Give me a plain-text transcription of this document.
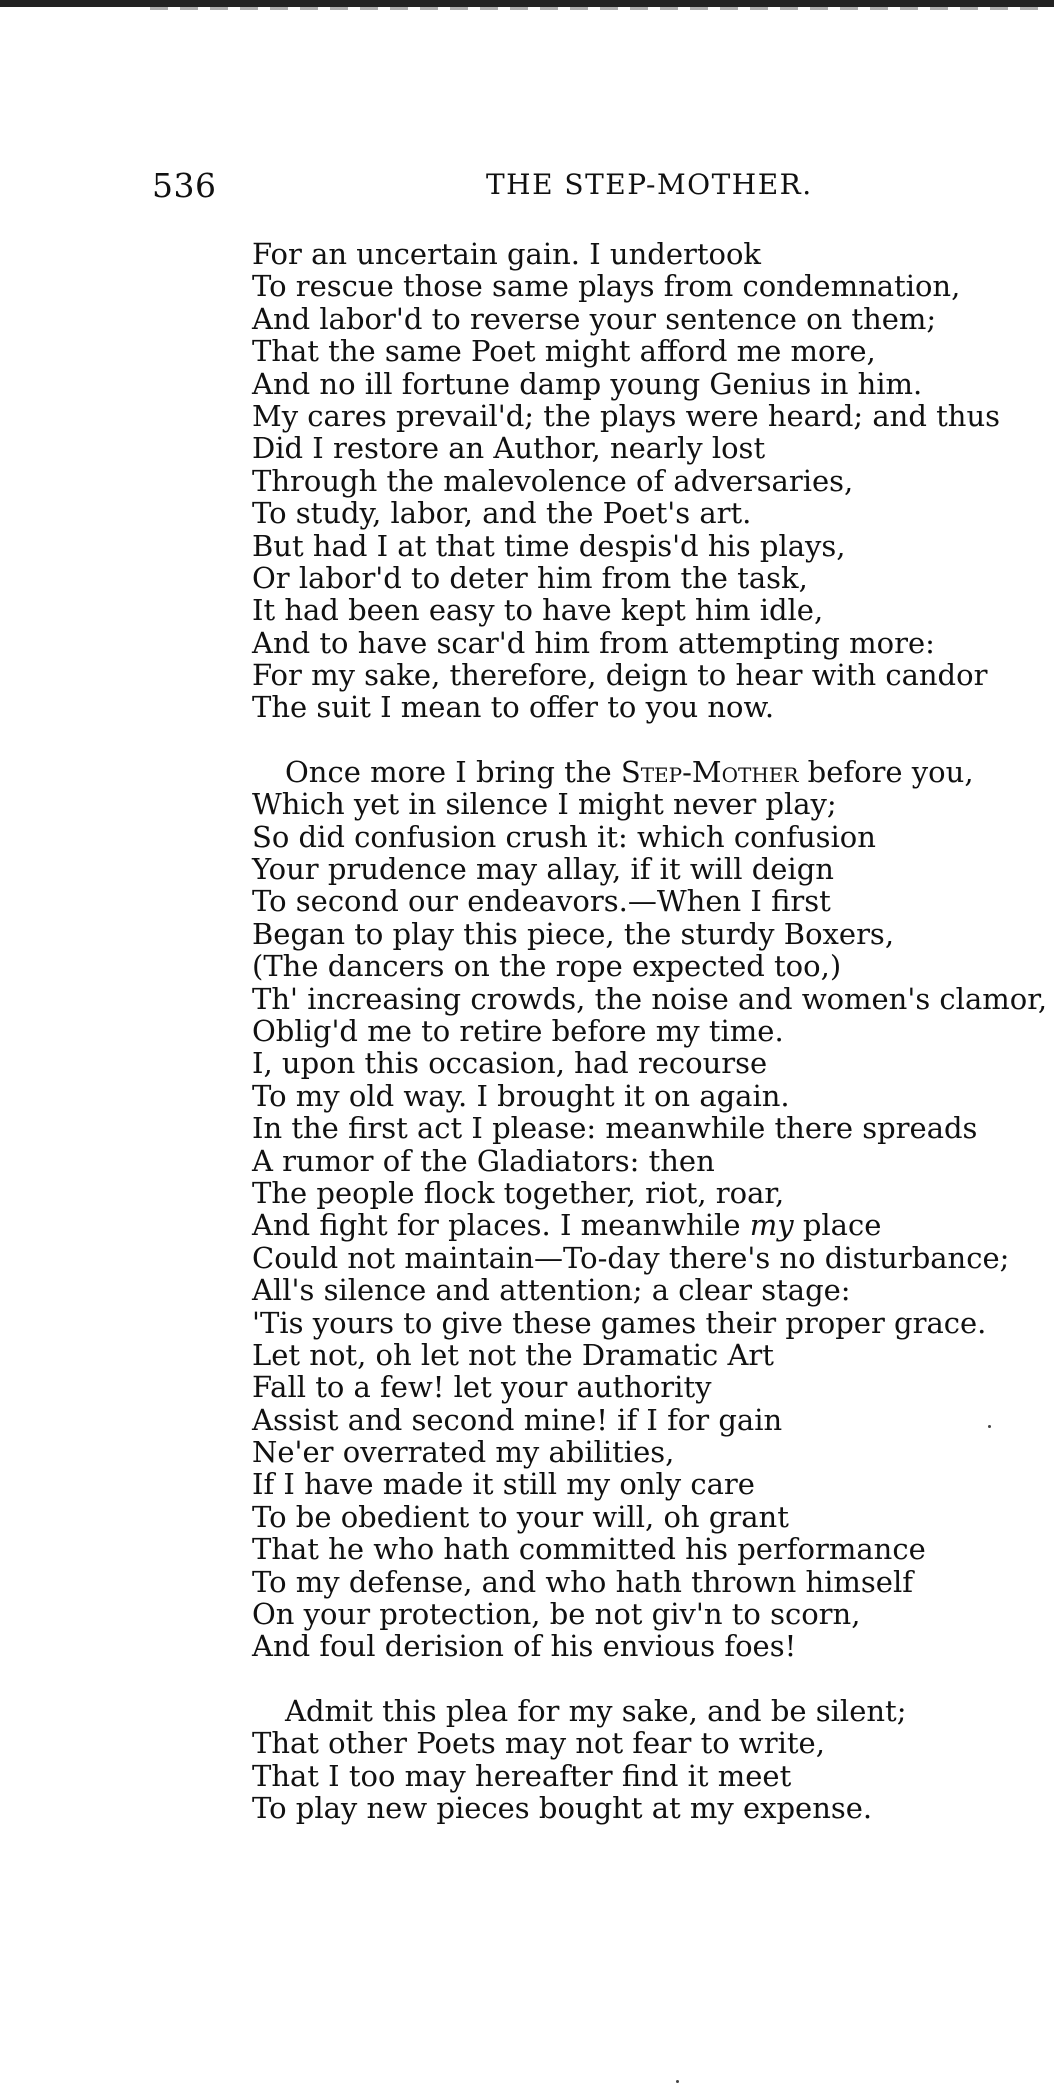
536	THE STEP-MOTHER.
For an uncertain gain. I undertook
To rescue those same plays from condemnation,
And labor'd to reverse your sentence on them;
That the same Poet might afford me more,
And no ill fortune damp young Genius in him.
My cares prevail'd; the plays were heard; and thus
Did I restore an Author, nearly lost
Through the malevolence of adversaries,
To study, labor, and the Poet's art.
But had I at that time despis'd his plays,
Or labor'd to deter him from the task,
It had been easy to have kept him idle,
And to have scar'd him from attempting more:
For my sake, therefore, deign to hear with candor
The suit I mean to offer to you now.
Once more I bring the Step-Mother before you,
Which yet in silence I might never play;
So did confusion crush it: which confusion
Your prudence may allay, if it will deign
To second our endeavors.—When I first
Began to play this piece, the sturdy Boxers,
(The dancers on the rope expected too,)
Th' increasing crowds, the noise and women's clamor,
Oblig'd me to retire before my time.
I, upon this occasion, had recourse
To my old way. I brought it on again.
In the first act I please: meanwhile there spreads
A rumor of the Gladiators: then
The people flock together, riot, roar,
And fight for places. I meanwhile my place
Could not maintain—To-day there's no disturbance;
All's silence and attention; a clear stage:
'Tis yours to give these games their proper grace.
Let not, oh let not the Dramatic Art
Fall to a few! let your authority
Assist and second mine! if I for gain
Ne'er overrated my abilities,
If I have made it still my only care
To be obedient to your will, oh grant
That he who hath committed his performance
To my defense, and who hath thrown himself
On your protection, be not giv'n to scorn,
And foul derision of his envious foes!
Admit this plea for my sake, and be silent;
That other Poets may not fear to write,
That I too may hereafter find it meet
To play new pieces bought at my expense.
